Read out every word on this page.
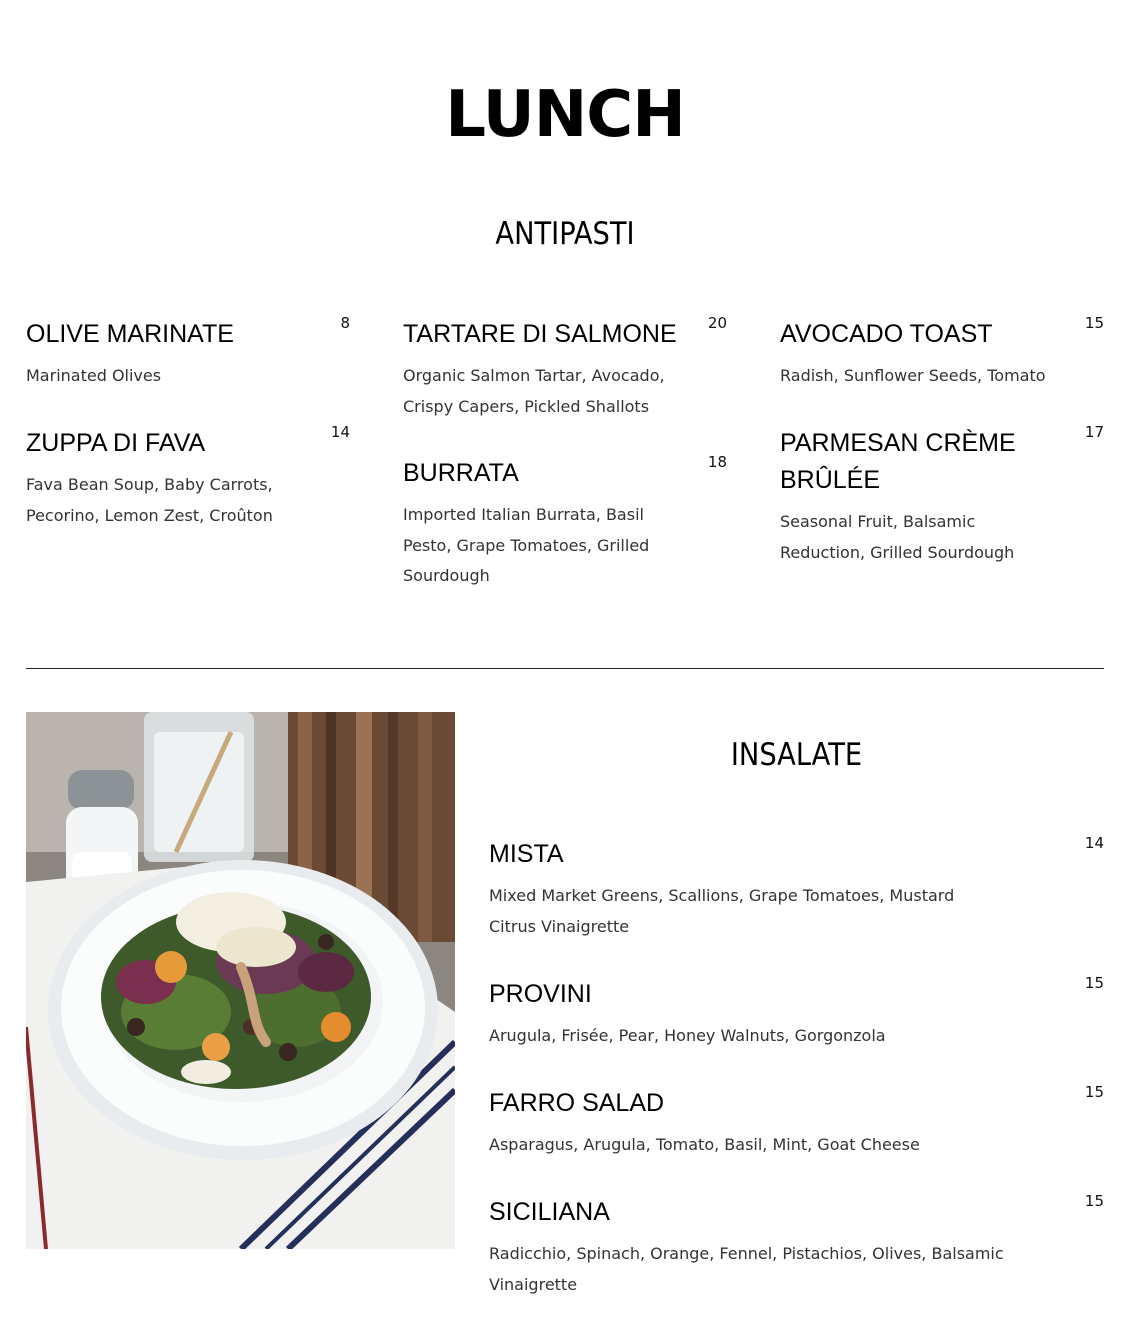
LUNCH
ANTIPASTI
OLIVE MARINATE	8
Marinated Olives
ZUPPA DI FAVA	14
Fava Bean Soup, Baby Carrots, Pecorino, Lemon Zest, Croûton
TARTARE DI SALMONE	20
Organic Salmon Tartar, Avocado, Crispy Capers, Pickled Shallots
BURRATA	18
Imported Italian Burrata, Basil Pesto, Grape Tomatoes, Grilled Sourdough
AVOCADO TOAST	15
Radish, Sunflower Seeds, Tomato
PARMESAN CRÈME BRÛLÉE
17
Seasonal Fruit, Balsamic Reduction, Grilled Sourdough
INSALATE
MISTA	14
Mixed Market Greens, Scallions, Grape Tomatoes, Mustard Citrus Vinaigrette
PROVINI	15
Arugula, Frisée, Pear, Honey Walnuts, Gorgonzola
FARRO SALAD	15
Asparagus, Arugula, Tomato, Basil, Mint, Goat Cheese
SICILIANA	15
Radicchio, Spinach, Orange, Fennel, Pistachios, Olives, Balsamic Vinaigrette
